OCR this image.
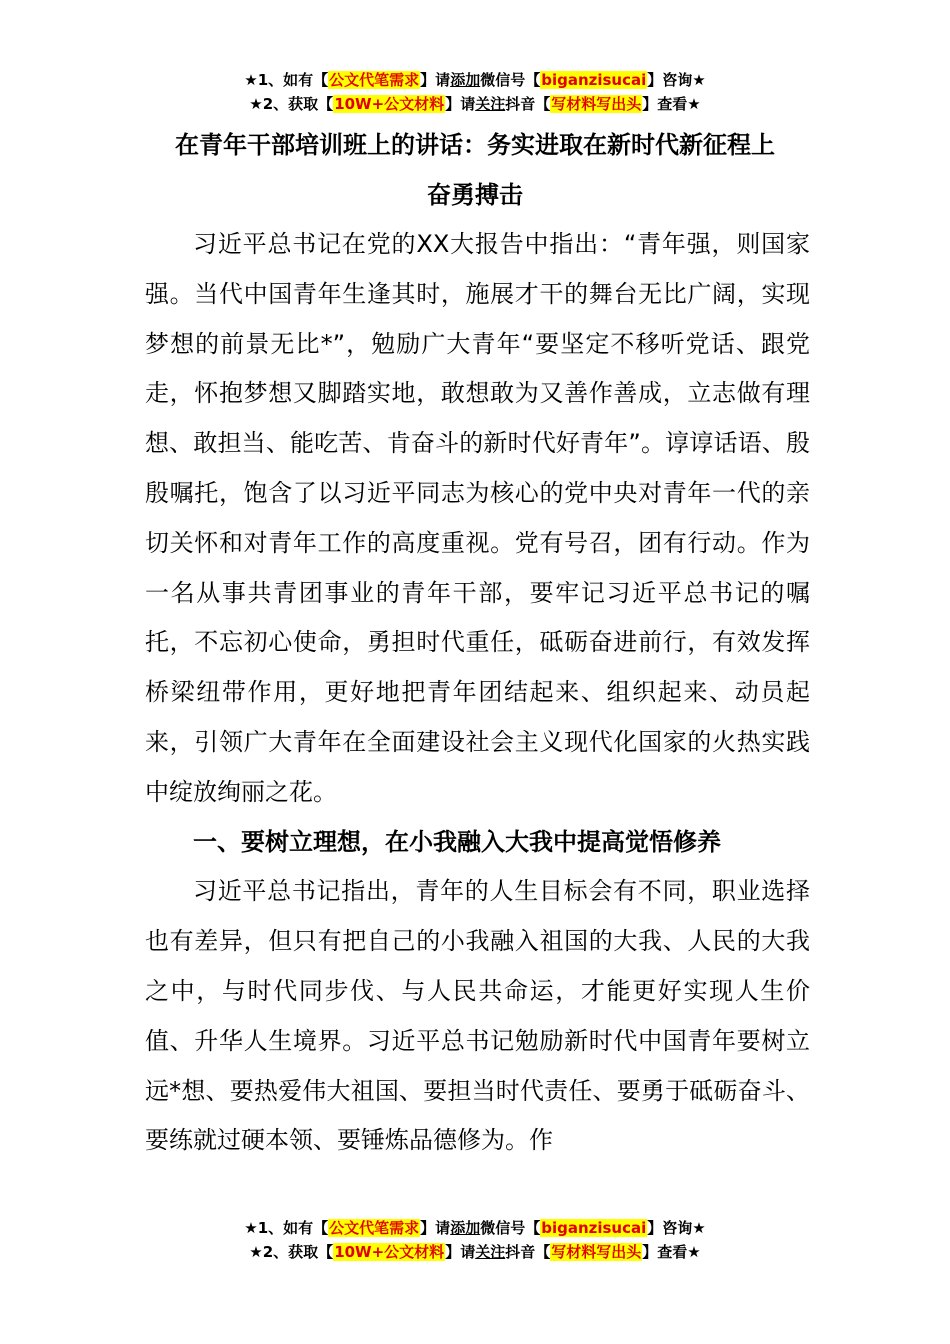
★1、如有【公文代笔需求】请添加微信号【biganzisucai】咨询★
★2、获取【10W+公文材料】请关注抖音【写材料写出头】查看★
在青年干部培训班上的讲话：务实进取在新时代新征程上
奋勇搏击

习近平总书记在党的XX大报告中指出：“青年强，则国家强。当代中国青年生逢其时，施展才干的舞台无比广阔，实现梦想的前景无比*”，勉励广大青年“要坚定不移听党话、跟党走，怀抱梦想又脚踏实地，敢想敢为又善作善成，立志做有理想、敢担当、能吃苦、肯奋斗的新时代好青年”。谆谆话语、殷殷嘱托，饱含了以习近平同志为核心的党中央对青年一代的亲切关怀和对青年工作的高度重视。党有号召，团有行动。作为一名从事共青团事业的青年干部，要牢记习近平总书记的嘱托，不忘初心使命，勇担时代重任，砥砺奋进前行，有效发挥桥梁纽带作用，更好地把青年团结起来、组织起来、动员起来，引领广大青年在全面建设社会主义现代化国家的火热实践中绽放绚丽之花。

一、要树立理想，在小我融入大我中提高觉悟修养

习近平总书记指出，青年的人生目标会有不同，职业选择也有差异，但只有把自己的小我融入祖国的大我、人民的大我之中，与时代同步伐、与人民共命运，才能更好实现人生价值、升华人生境界。习近平总书记勉励新时代中国青年要树立远*想、要热爱伟大祖国、要担当时代责任、要勇于砥砺奋斗、要练就过硬本领、要锤炼品德修为。作

★1、如有【公文代笔需求】请添加微信号【biganzisucai】咨询★
★2、获取【10W+公文材料】请关注抖音【写材料写出头】查看★
